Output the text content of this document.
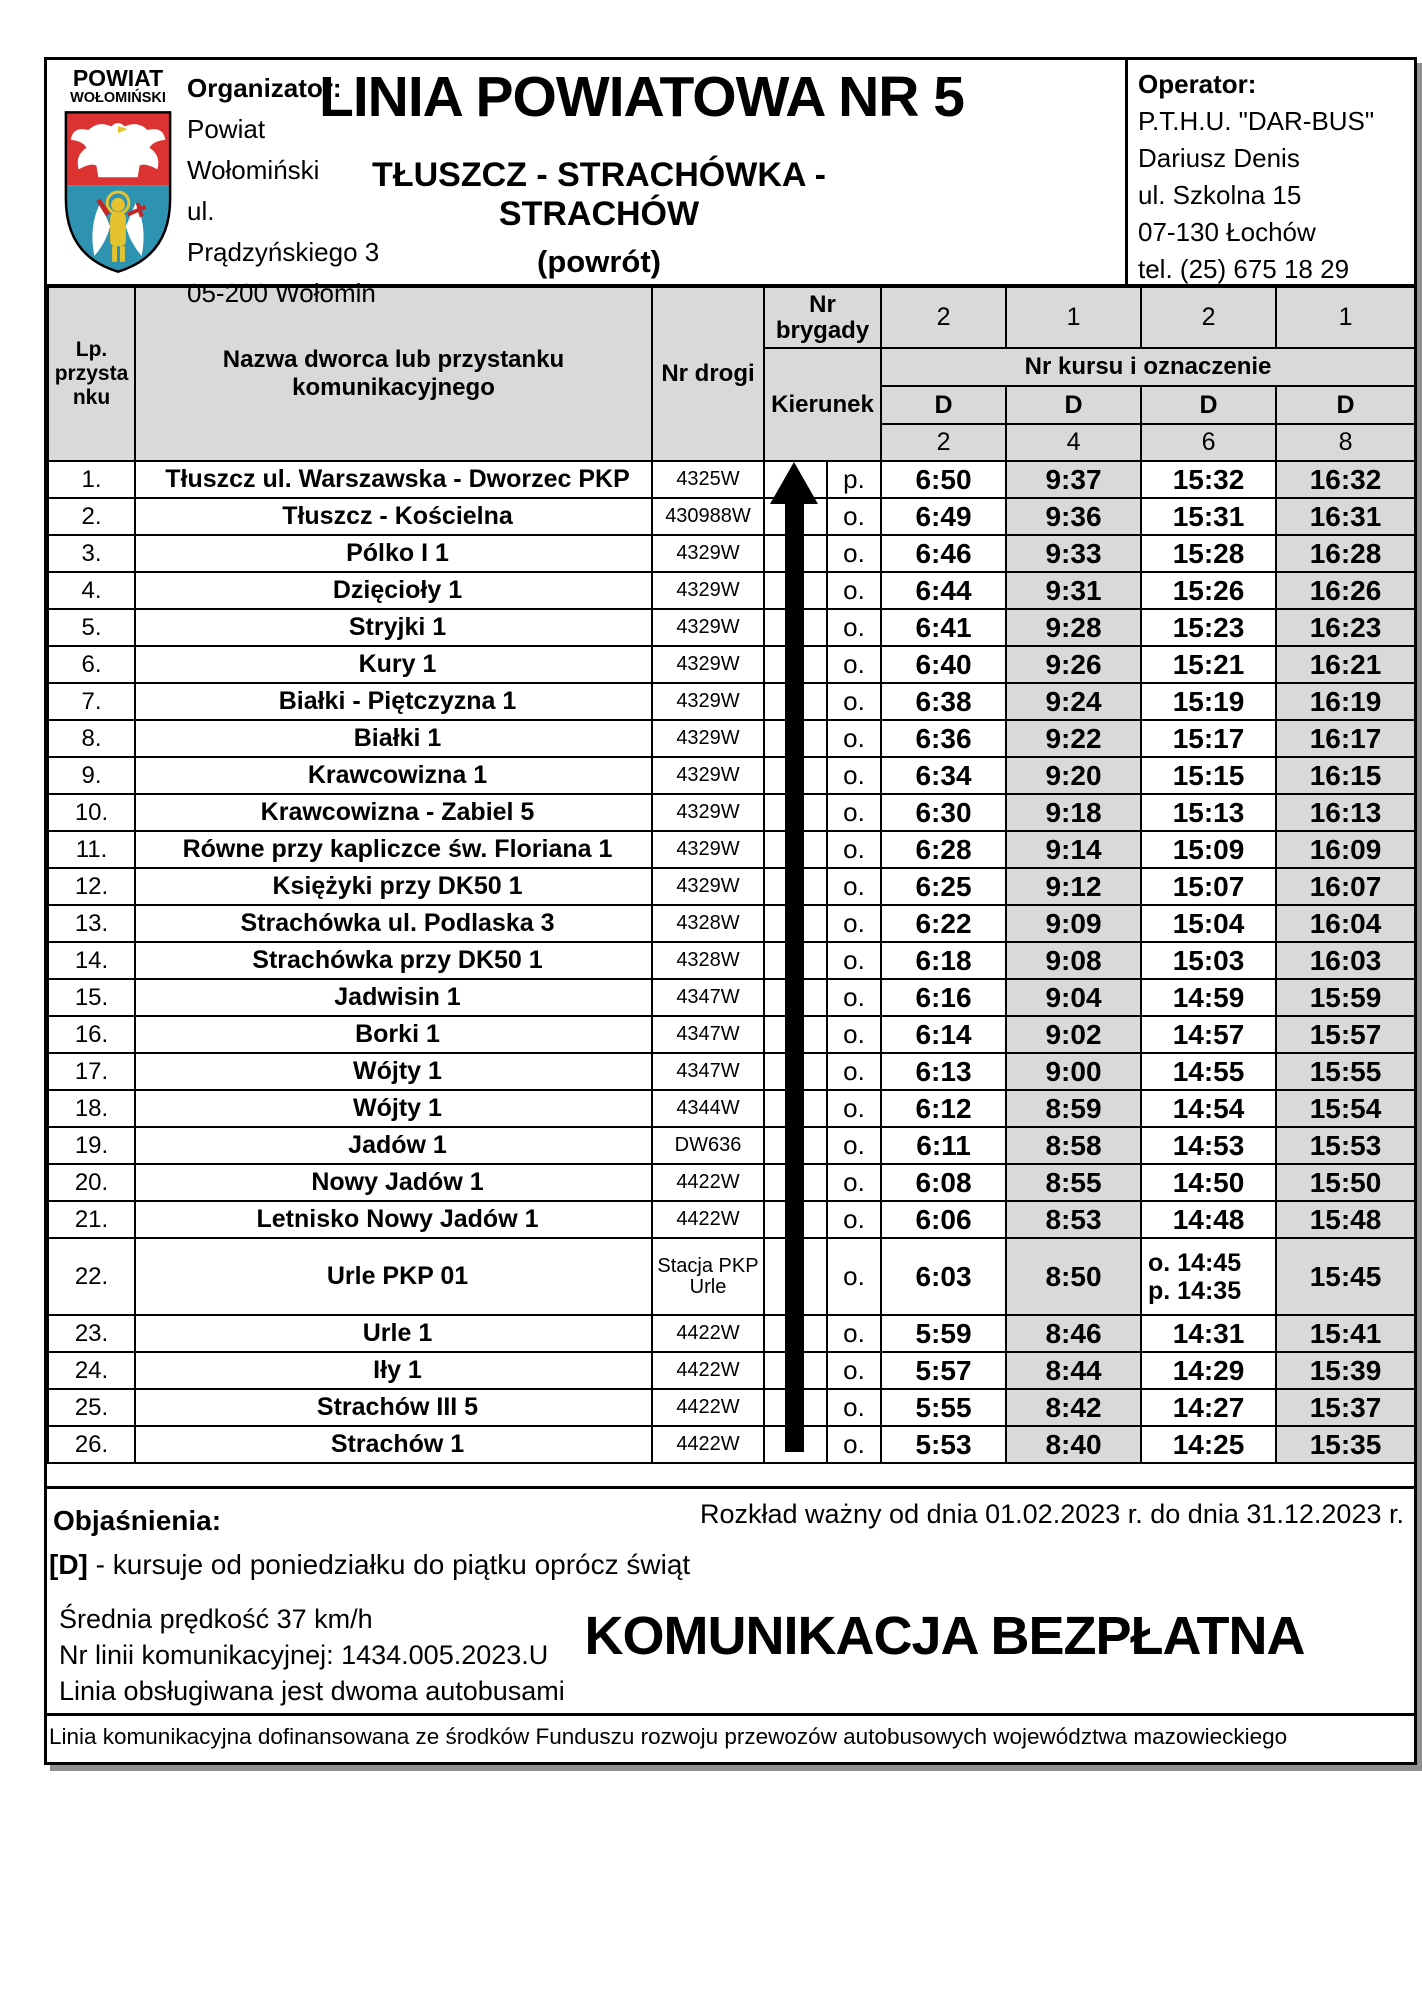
POWIAT
WOŁOMIŃSKI Organizator:
Powiat Wołomiński
ul. Prądzyńskiego 3
05-200 Wołomin
LINIA POWIATOWA NR 5
TŁUSZCZ - STRACHÓWKA - STRACHÓW
(powrót)
Operator:
P.T.H.U. "DAR-BUS"
Dariusz Denis
ul. Szkolna 15
07-130 Łochów
tel. (25) 675 18 29
Lp. przystanku	Nazwa dworca lub przystanku komunikacyjnego	Nr drogi	Nr brygady		2	1	2	1
			Kierunek		Nr kursu i oznaczenie			
					D	D	D	D
					2	4	6	8
1.	Tłuszcz ul. Warszawska - Dworzec PKP	4325W		p.	6:50	9:37	15:32	16:32
2.	Tłuszcz - Kościelna	430988W		o.	6:49	9:36	15:31	16:31
3.	Pólko I 1	4329W		o.	6:46	9:33	15:28	16:28
4.	Dzięcioły 1	4329W		o.	6:44	9:31	15:26	16:26
5.	Stryjki 1	4329W		o.	6:41	9:28	15:23	16:23
6.	Kury 1	4329W		o.	6:40	9:26	15:21	16:21
7.	Białki - Piętczyzna 1	4329W		o.	6:38	9:24	15:19	16:19
8.	Białki 1	4329W		o.	6:36	9:22	15:17	16:17
9.	Krawcowizna 1	4329W		o.	6:34	9:20	15:15	16:15
10.	Krawcowizna - Zabiel 5	4329W		o.	6:30	9:18	15:13	16:13
11.	Równe przy kapliczce św. Floriana 1	4329W		o.	6:28	9:14	15:09	16:09
12.	Księżyki przy DK50 1	4329W		o.	6:25	9:12	15:07	16:07
13.	Strachówka ul. Podlaska 3	4328W		o.	6:22	9:09	15:04	16:04
14.	Strachówka przy DK50 1	4328W		o.	6:18	9:08	15:03	16:03
15.	Jadwisin 1	4347W		o.	6:16	9:04	14:59	15:59
16.	Borki 1	4347W		o.	6:14	9:02	14:57	15:57
17.	Wójty 1	4347W		o.	6:13	9:00	14:55	15:55
18.	Wójty 1	4344W		o.	6:12	8:59	14:54	15:54
19.	Jadów 1	DW636		o.	6:11	8:58	14:53	15:53
20.	Nowy Jadów 1	4422W		o.	6:08	8:55	14:50	15:50
21.	Letnisko Nowy Jadów 1	4422W		o.	6:06	8:53	14:48	15:48
22.	Urle PKP 01	Stacja PKP Urle		o.	6:03	8:50	o. 14:45
p. 14:35	15:45
23.	Urle 1	4422W		o.	5:59	8:46	14:31	15:41
24.	Iły 1	4422W		o.	5:57	8:44	14:29	15:39
25.	Strachów III 5	4422W		o.	5:55	8:42	14:27	15:37
26.	Strachów 1	4422W		o.	5:53	8:40	14:25	15:35
Rozkład ważny od dnia 01.02.2023 r. do dnia 31.12.2023 r.
Objaśnienia:
[D] - kursuje od poniedziałku do piątku oprócz świąt
Średnia prędkość 37 km/h
Nr linii komunikacyjnej: 1434.005.2023.U
Linia obsługiwana jest dwoma autobusami
KOMUNIKACJA BEZPŁATNA
Linia komunikacyjna dofinansowana ze środków Funduszu rozwoju przewozów autobusowych województwa mazowieckiego
